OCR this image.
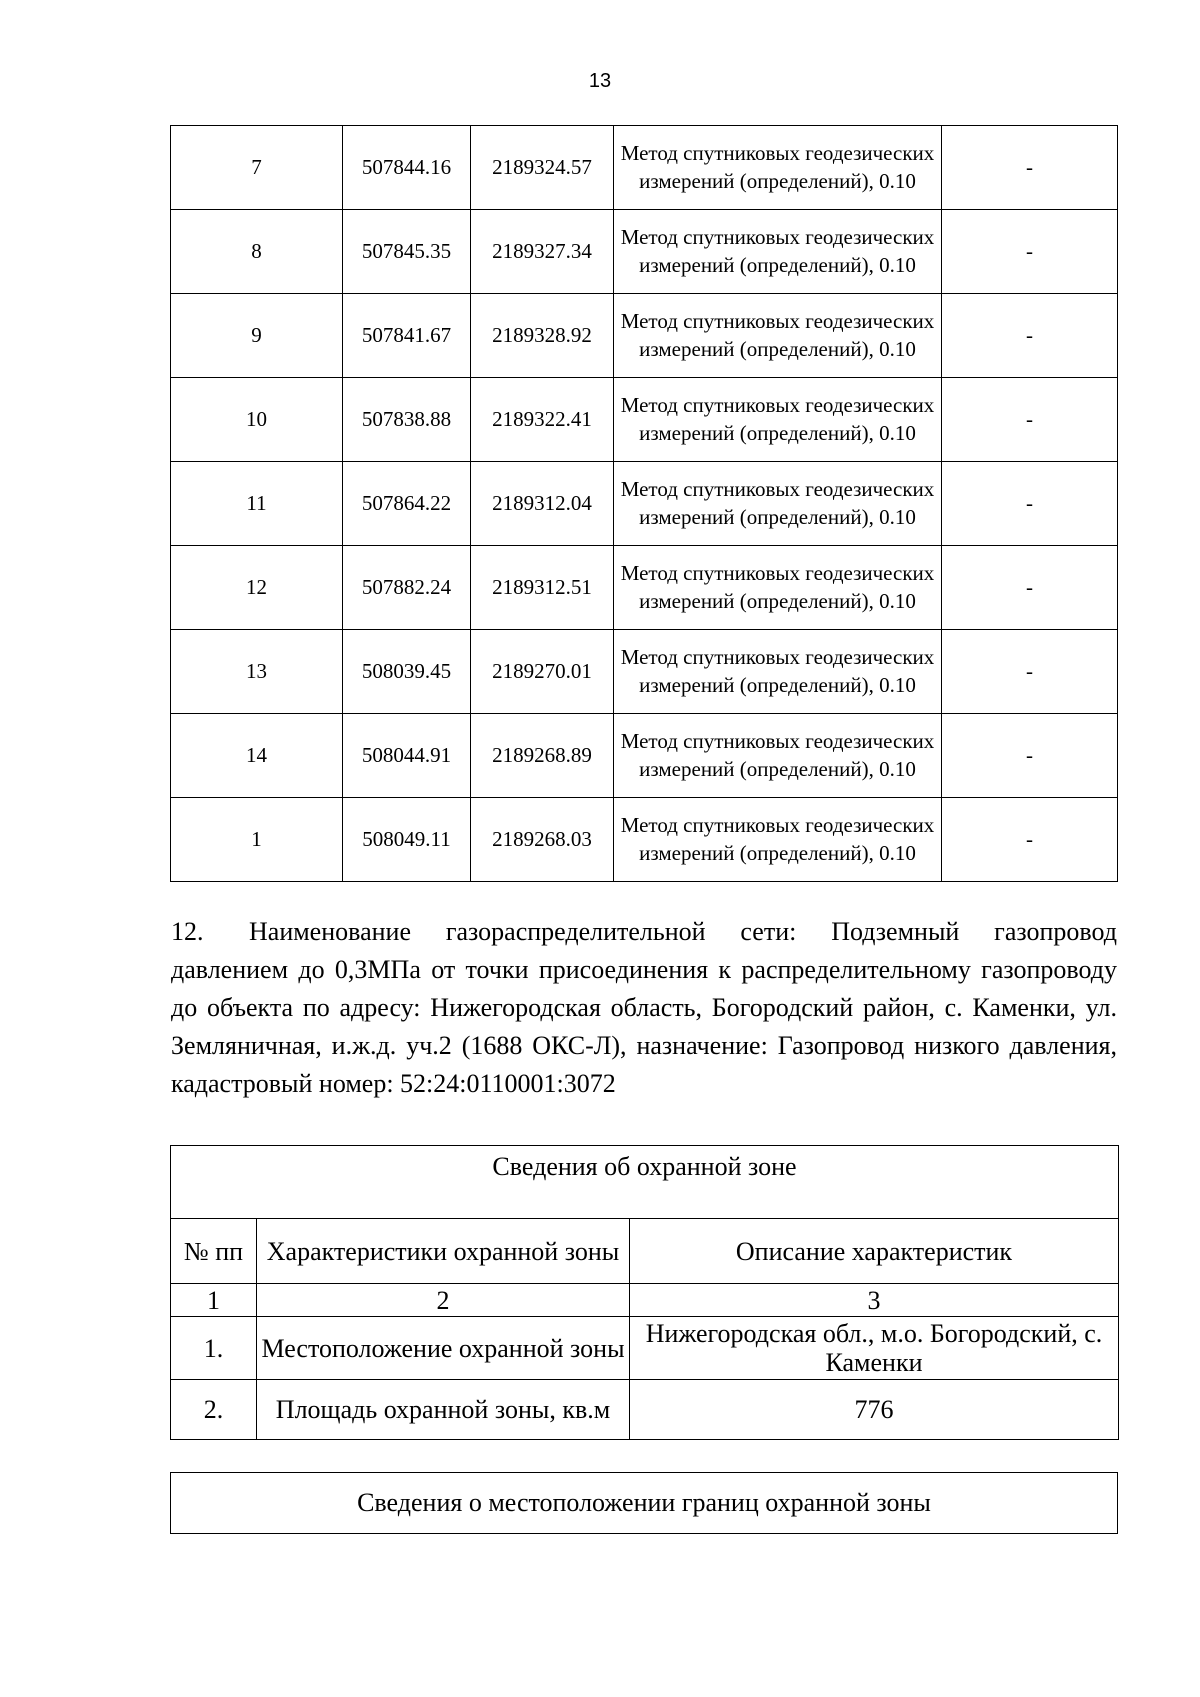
13
7	507844.16	2189324.57	Метод спутниковых геодезических измерений (определений), 0.10	-
8	507845.35	2189327.34	Метод спутниковых геодезических измерений (определений), 0.10	-
9	507841.67	2189328.92	Метод спутниковых геодезических измерений (определений), 0.10	-
10	507838.88	2189322.41	Метод спутниковых геодезических измерений (определений), 0.10	-
11	507864.22	2189312.04	Метод спутниковых геодезических измерений (определений), 0.10	-
12	507882.24	2189312.51	Метод спутниковых геодезических измерений (определений), 0.10	-
13	508039.45	2189270.01	Метод спутниковых геодезических измерений (определений), 0.10	-
14	508044.91	2189268.89	Метод спутниковых геодезических измерений (определений), 0.10	-
1	508049.11	2189268.03	Метод спутниковых геодезических измерений (определений), 0.10	-
12. Наименование газораспределительной сети: Подземный газопровод давлением до 0,3МПа от точки присоединения к распределительному газопроводу до объекта по адресу: Нижегородская область, Богородский район, с. Каменки, ул. Земляничная, и.ж.д. уч.2 (1688 ОКС-Л), назначение: Газопровод низкого давления, кадастровый номер: 52:24:0110001:3072
Сведения об охранной зоне		
№ пп	Характеристики охранной зоны	Описание характеристик
1	2	3
1.	Местоположение охранной зоны	Нижегородская обл., м.о. Богородский, с. Каменки
2.	Площадь охранной зоны, кв.м	776
Сведения о местоположении границ охранной зоны
